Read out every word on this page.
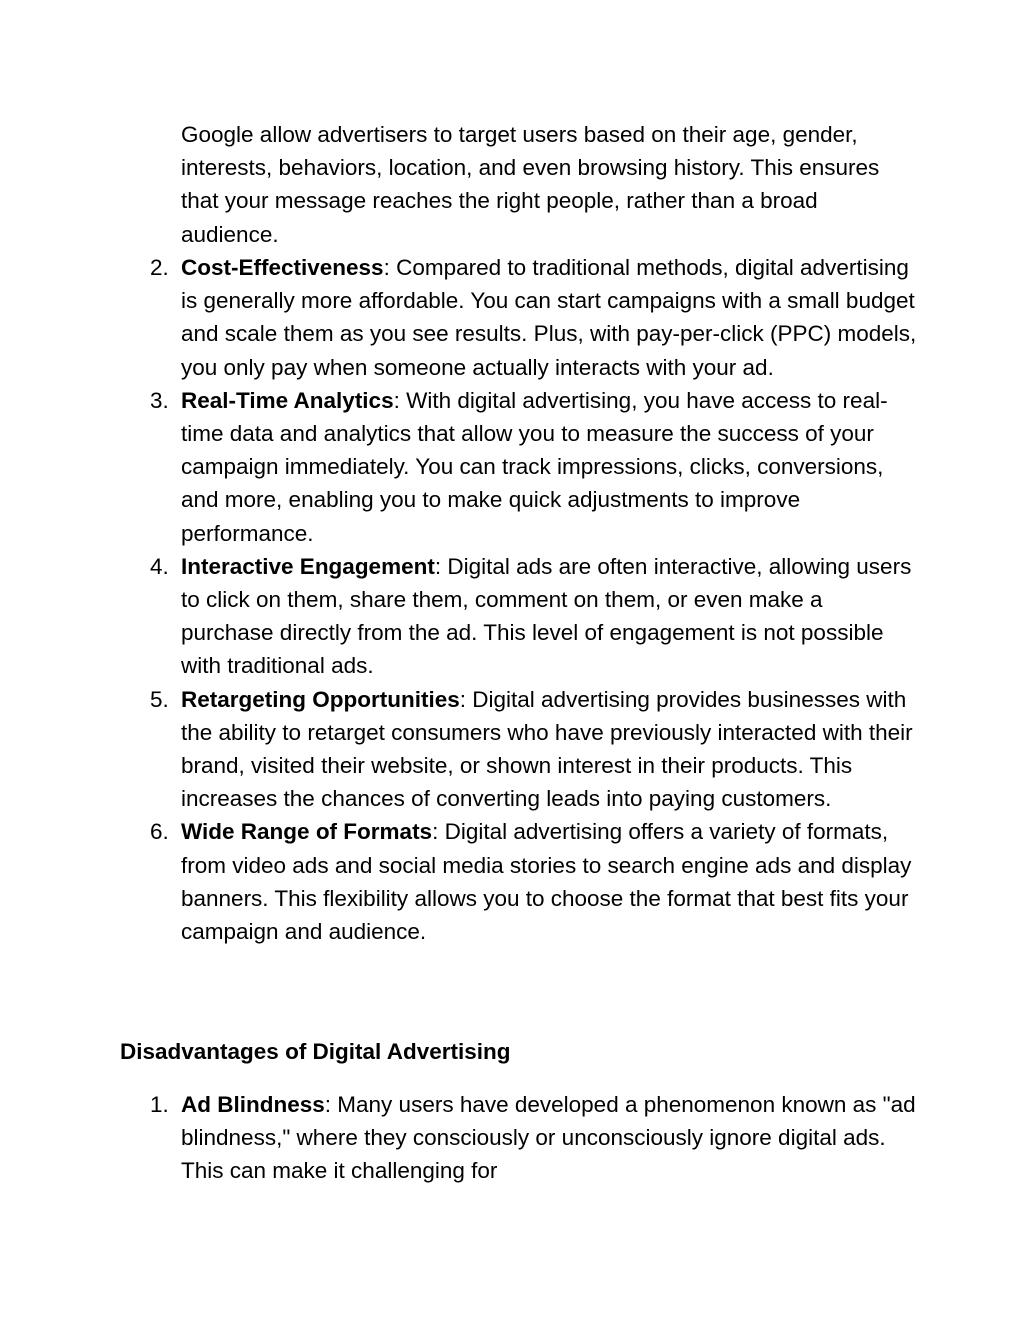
Google allow advertisers to target users based on their age, gender, interests, behaviors, location, and even browsing history. This ensures that your message reaches the right people, rather than a broad audience.

2. Cost-Effectiveness: Compared to traditional methods, digital advertising is generally more affordable. You can start campaigns with a small budget and scale them as you see results. Plus, with pay-per-click (PPC) models, you only pay when someone actually interacts with your ad.
3. Real-Time Analytics: With digital advertising, you have access to real-time data and analytics that allow you to measure the success of your campaign immediately. You can track impressions, clicks, conversions, and more, enabling you to make quick adjustments to improve performance.
4. Interactive Engagement: Digital ads are often interactive, allowing users to click on them, share them, comment on them, or even make a purchase directly from the ad. This level of engagement is not possible with traditional ads.
5. Retargeting Opportunities: Digital advertising provides businesses with the ability to retarget consumers who have previously interacted with their brand, visited their website, or shown interest in their products. This increases the chances of converting leads into paying customers.
6. Wide Range of Formats: Digital advertising offers a variety of formats, from video ads and social media stories to search engine ads and display banners. This flexibility allows you to choose the format that best fits your campaign and audience.
Disadvantages of Digital Advertising
1. Ad Blindness: Many users have developed a phenomenon known as "ad blindness," where they consciously or unconsciously ignore digital ads. This can make it challenging for
